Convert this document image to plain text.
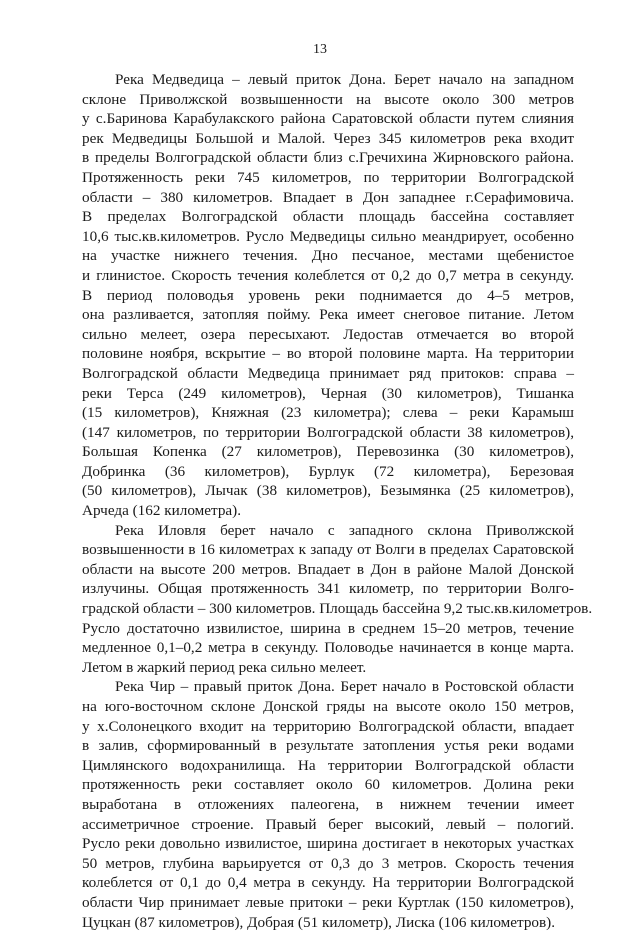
13
Река Медведица – левый приток Дона. Берет начало на западном
склоне Приволжской возвышенности на высоте около 300 метров
у с.Баринова Карабулакского района Саратовской области путем слияния
рек Медведицы Большой и Малой. Через 345 километров река входит
в пределы Волгоградской области близ с.Гречихина Жирновского района.
Протяженность реки 745 километров, по территории Волгоградской
области – 380 километров. Впадает в Дон западнее г.Серафимовича.
В пределах Волгоградской области площадь бассейна составляет
10,6 тыс.кв.километров. Русло Медведицы сильно меандрирует, особенно
на участке нижнего течения. Дно песчаное, местами щебенистое
и глинистое. Скорость течения колеблется от 0,2 до 0,7 метра в секунду.
В период половодья уровень реки поднимается до 4–5 метров,
она разливается, затопляя пойму. Река имеет снеговое питание. Летом
сильно мелеет, озера пересыхают. Ледостав отмечается во второй
половине ноября, вскрытие – во второй половине марта. На территории
Волгоградской области Медведица принимает ряд притоков: справа –
реки Терса (249 километров), Черная (30 километров), Тишанка
(15 километров), Княжная (23 километра); слева – реки Карамыш
(147 километров, по территории Волгоградской области 38 километров),
Большая Копенка (27 километров), Перевозинка (30 километров),
Добринка (36 километров), Бурлук (72 километра), Березовая
(50 километров), Лычак (38 километров), Безымянка (25 километров),
Арчеда (162 километра).
Река Иловля берет начало с западного склона Приволжской
возвышенности в 16 километрах к западу от Волги в пределах Саратовской
области на высоте 200 метров. Впадает в Дон в районе Малой Донской
излучины. Общая протяженность 341 километр, по территории Волго-
градской области – 300 километров. Площадь бассейна 9,2 тыс.кв.километров.
Русло достаточно извилистое, ширина в среднем 15–20 метров, течение
медленное 0,1–0,2 метра в секунду. Половодье начинается в конце марта.
Летом в жаркий период река сильно мелеет.
Река Чир – правый приток Дона. Берет начало в Ростовской области
на юго-восточном склоне Донской гряды на высоте около 150 метров,
у х.Солонецкого входит на территорию Волгоградской области, впадает
в залив, сформированный в результате затопления устья реки водами
Цимлянского водохранилища. На территории Волгоградской области
протяженность реки составляет около 60 километров. Долина реки
выработана в отложениях палеогена, в нижнем течении имеет
ассиметричное строение. Правый берег высокий, левый – пологий.
Русло реки довольно извилистое, ширина достигает в некоторых участках
50 метров, глубина варьируется от 0,3 до 3 метров. Скорость течения
колеблется от 0,1 до 0,4 метра в секунду. На территории Волгоградской
области Чир принимает левые притоки – реки Куртлак (150 километров),
Цуцкан (87 километров), Добрая (51 километр), Лиска (106 километров).
